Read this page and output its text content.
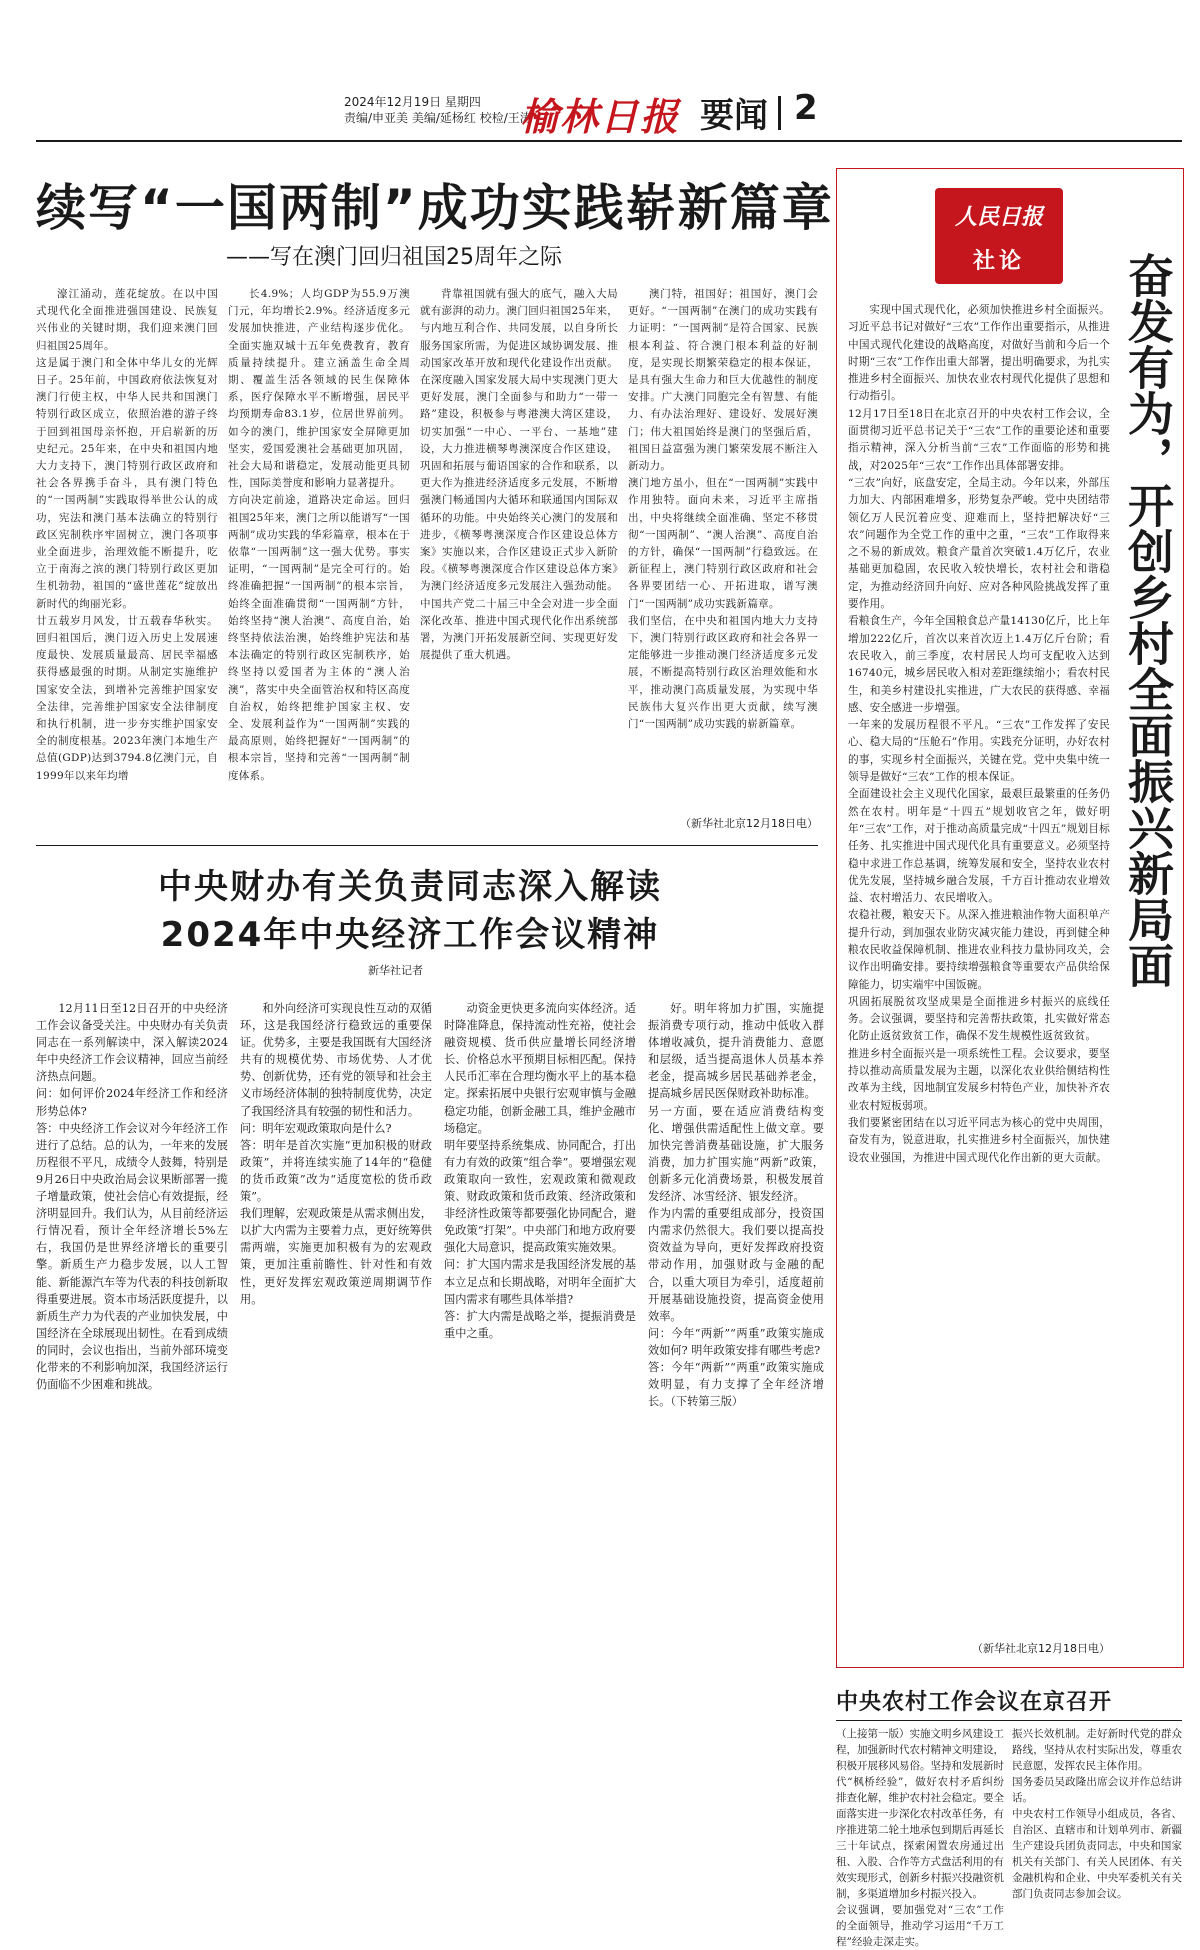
2024年12月19日 星期四
责编/申亚美 美编/延杨红 校检/王涛
榆林日报 要闻 2
续写“一国两制”成功实践崭新篇章
——写在澳门回归祖国25周年之际
濠江涌动，莲花绽放。在以中国式现代化全面推进强国建设、民族复兴伟业的关键时期，我们迎来澳门回归祖国25周年。
这是属于澳门和全体中华儿女的光辉日子。25年前，中国政府依法恢复对澳门行使主权，中华人民共和国澳门特别行政区成立，依照治港的游子终于回到祖国母亲怀抱，开启崭新的历史纪元。25年来，在中央和祖国内地大力支持下，澳门特别行政区政府和社会各界携手奋斗，具有澳门特色的“一国两制”实践取得举世公认的成功，宪法和澳门基本法确立的特别行政区宪制秩序牢固树立，澳门各项事业全面进步，治理效能不断提升，吃立于南海之滨的澳门特别行政区更加生机勃勃，祖国的“盛世莲花”绽放出新时代的绚丽光彩。
廿五载岁月风发，廿五载春华秋实。回归祖国后，澳门迈入历史上发展速度最快、发展质量最高、居民幸福感获得感最强的时期。从制定实施维护国家安全法，到增补完善维护国家安全法律，完善维护国家安全法律制度和执行机制，进一步夯实维护国家安全的制度根基。2023年澳门本地生产总值(GDP)达到3794.8亿澳门元，自1999年以来年均增
长4.9%；人均GDP为55.9万澳门元，年均增长2.9%。经济适度多元发展加快推进，产业结构逐步优化。全面实施双城十五年免费教育，教育质量持续提升。建立涵盖生命全周期、覆盖生活各领域的民生保障体系，医疗保障水平不断增强，居民平均预期寿命83.1岁，位居世界前列。如今的澳门，维护国家安全屏障更加坚实，爱国爱澳社会基础更加巩固，社会大局和谐稳定，发展动能更具韧性，国际美誉度和影响力显著提升。
方向决定前途，道路决定命运。回归祖国25年来，澳门之所以能谱写“一国两制”成功实践的华彩篇章，根本在于依靠“一国两制”这一强大优势。事实证明，“一国两制”是完全可行的。始终准确把握“一国两制”的根本宗旨，始终全面准确贯彻“一国两制”方针，始终坚持“澳人治澳”、高度自治，始终坚持依法治澳，始终维护宪法和基本法确定的特别行政区宪制秩序，始终坚持以爱国者为主体的“澳人治澳”，落实中央全面管治权和特区高度自治权，始终把维护国家主权、安全、发展利益作为“一国两制”实践的最高原则，始终把握好“一国两制”的根本宗旨，坚持和完善“一国两制”制度体系。
背靠祖国就有强大的底气，融入大局就有澎湃的动力。澳门回归祖国25年来，与内地互利合作、共同发展，以自身所长服务国家所需，为促进区域协调发展、推动国家改革开放和现代化建设作出贡献。在深度融入国家发展大局中实现澳门更大更好发展，澳门全面参与和助力“一带一路”建设，积极参与粤港澳大湾区建设，切实加强“一中心、一平台、一基地”建设，大力推进横琴粤澳深度合作区建设，巩固和拓展与葡语国家的合作和联系，以更大作为推进经济适度多元发展，不断增强澳门畅通国内大循环和联通国内国际双循环的功能。中央始终关心澳门的发展和进步，《横琴粤澳深度合作区建设总体方案》实施以来，合作区建设正式步入新阶段。《横琴粤澳深度合作区建设总体方案》为澳门经济适度多元发展注入强劲动能。中国共产党二十届三中全会对进一步全面深化改革、推进中国式现代化作出系统部署，为澳门开拓发展新空间、实现更好发展提供了重大机遇。
澳门特，祖国好；祖国好，澳门会更好。“一国两制”在澳门的成功实践有力证明：“一国两制”是符合国家、民族根本利益、符合澳门根本利益的好制度，是实现长期繁荣稳定的根本保证，是具有强大生命力和巨大优越性的制度安排。广大澳门同胞完全有智慧、有能力、有办法治理好、建设好、发展好澳门；伟大祖国始终是澳门的坚强后盾，祖国日益富强为澳门繁荣发展不断注入新动力。
澳门地方虽小，但在“一国两制”实践中作用独特。面向未来，习近平主席指出，中央将继续全面准确、坚定不移贯彻“一国两制”、“澳人治澳”、高度自治的方针，确保“一国两制”行稳致远。在新征程上，澳门特别行政区政府和社会各界要团结一心、开拓进取，谱写澳门“一国两制”成功实践新篇章。
我们坚信，在中央和祖国内地大力支持下，澳门特别行政区政府和社会各界一定能够进一步推动澳门经济适度多元发展，不断提高特别行政区治理效能和水平，推动澳门高质量发展，为实现中华民族伟大复兴作出更大贡献，续写澳门“一国两制”成功实践的崭新篇章。
（新华社北京12月18日电）
中央财办有关负责同志深入解读
2024年中央经济工作会议精神
新华社记者
12月11日至12日召开的中央经济工作会议备受关注。中央财办有关负责同志在一系列解读中，深入解读2024年中央经济工作会议精神，回应当前经济热点问题。
问：如何评价2024年经济工作和经济形势总体?
答：中央经济工作会议对今年经济工作进行了总结。总的认为，一年来的发展历程很不平凡，成绩令人鼓舞，特别是9月26日中央政治局会议果断部署一揽子增量政策，使社会信心有效提振，经济明显回升。我们认为，从目前经济运行情况看，预计全年经济增长5%左右，我国仍是世界经济增长的重要引擎。新质生产力稳步发展，以人工智能、新能源汽车等为代表的科技创新取得重要进展。资本市场活跃度提升，以新质生产力为代表的产业加快发展，中国经济在全球展现出韧性。在看到成绩的同时，会议也指出，当前外部环境变化带来的不利影响加深，我国经济运行仍面临不少困难和挑战。
和外向经济可实现良性互动的双循环，这是我国经济行稳致远的重要保证。优势多，主要是我国既有大国经济共有的规模优势、市场优势、人才优势、创新优势，还有党的领导和社会主义市场经济体制的独特制度优势，决定了我国经济具有较强的韧性和活力。
问：明年宏观政策取向是什么?
答：明年是首次实施“更加积极的财政政策”，并将连续实施了14年的“稳健的货币政策”改为“适度宽松的货币政策”。
我们理解，宏观政策是从需求侧出发，以扩大内需为主要着力点，更好统筹供需两端，实施更加积极有为的宏观政策，更加注重前瞻性、针对性和有效性，更好发挥宏观政策逆周期调节作用。
动资金更快更多流向实体经济。适时降准降息，保持流动性充裕，使社会融资规模、货币供应量增长同经济增长、价格总水平预期目标相匹配。保持人民币汇率在合理均衡水平上的基本稳定。探索拓展中央银行宏观审慎与金融稳定功能，创新金融工具，维护金融市场稳定。
明年要坚持系统集成、协同配合，打出有力有效的政策“组合拳”。要增强宏观政策取向一致性，宏观政策和微观政策、财政政策和货币政策、经济政策和非经济性政策等都要强化协同配合，避免政策“打架”。中央部门和地方政府要强化大局意识，提高政策实施效果。
问：扩大国内需求是我国经济发展的基本立足点和长期战略，对明年全面扩大国内需求有哪些具体举措?
答：扩大内需是战略之举，提振消费是重中之重。
好。明年将加力扩围，实施提振消费专项行动，推动中低收入群体增收减负，提升消费能力、意愿和层级，适当提高退休人员基本养老金，提高城乡居民基础养老金，提高城乡居民医保财政补助标准。
另一方面，要在适应消费结构变化、增强供需适配性上做文章。要加快完善消费基础设施，扩大服务消费，加力扩围实施“两新”政策，创新多元化消费场景，积极发展首发经济、冰雪经济、银发经济。
作为内需的重要组成部分，投资国内需求仍然很大。我们要以提高投资效益为导向，更好发挥政府投资带动作用，加强财政与金融的配合，以重大项目为牵引，适度超前开展基础设施投资，提高资金使用效率。
问：今年“两新”“两重”政策实施成效如何? 明年政策安排有哪些考虑?
答：今年“两新”“两重”政策实施成效明显，有力支撑了全年经济增长。（下转第三版）
人民日报
社论	奋发有为，开创乡村全面振兴新局面
实现中国式现代化，必须加快推进乡村全面振兴。习近平总书记对做好“三农”工作作出重要指示，从推进中国式现代化建设的战略高度，对做好当前和今后一个时期“三农”工作作出重大部署，提出明确要求，为扎实推进乡村全面振兴、加快农业农村现代化提供了思想和行动指引。
12月17日至18日在北京召开的中央农村工作会议，全面贯彻习近平总书记关于“三农”工作的重要论述和重要指示精神，深入分析当前“三农”工作面临的形势和挑战，对2025年“三农”工作作出具体部署安排。
“三农”向好，底盘安定，全局主动。今年以来，外部压力加大、内部困难增多，形势复杂严峻。党中央团结带领亿万人民沉着应变、迎难而上，坚持把解决好“三农”问题作为全党工作的重中之重，“三农”工作取得来之不易的新成效。粮食产量首次突破1.4万亿斤，农业基础更加稳固，农民收入较快增长，农村社会和谐稳定，为推动经济回升向好、应对各种风险挑战发挥了重要作用。
看粮食生产，今年全国粮食总产量14130亿斤，比上年增加222亿斤，首次以来首次迈上1.4万亿斤台阶；看农民收入，前三季度，农村居民人均可支配收入达到16740元，城乡居民收入相对差距继续缩小；看农村民生，和美乡村建设扎实推进，广大农民的获得感、幸福感、安全感进一步增强。
一年来的发展历程很不平凡。“三农”工作发挥了安民心、稳大局的“压舱石”作用。实践充分证明，办好农村的事，实现乡村全面振兴，关键在党。党中央集中统一领导是做好“三农”工作的根本保证。
全面建设社会主义现代化国家，最艰巨最繁重的任务仍然在农村。明年是“十四五”规划收官之年，做好明年“三农”工作，对于推动高质量完成“十四五”规划目标任务、扎实推进中国式现代化具有重要意义。必须坚持稳中求进工作总基调，统筹发展和安全，坚持农业农村优先发展，坚持城乡融合发展，千方百计推动农业增效益、农村增活力、农民增收入。
农稳社稷，粮安天下。从深入推进粮油作物大面积单产提升行动，到加强农业防灾减灾能力建设，再到健全种粮农民收益保障机制、推进农业科技力量协同攻关，会议作出明确安排。要持续增强粮食等重要农产品供给保障能力，切实端牢中国饭碗。
巩固拓展脱贫攻坚成果是全面推进乡村振兴的底线任务。会议强调，要坚持和完善帮扶政策，扎实做好常态化防止返贫致贫工作，确保不发生规模性返贫致贫。
推进乡村全面振兴是一项系统性工程。会议要求，要坚持以推动高质量发展为主题，以深化农业供给侧结构性改革为主线，因地制宜发展乡村特色产业，加快补齐农业农村短板弱项。
我们要紧密团结在以习近平同志为核心的党中央周围，奋发有为，锐意进取，扎实推进乡村全面振兴，加快建设农业强国，为推进中国式现代化作出新的更大贡献。
（新华社北京12月18日电）
中央农村工作会议在京召开
（上接第一版）实施文明乡风建设工程，加强新时代农村精神文明建设，积极开展移风易俗。坚持和发展新时代“枫桥经验”，做好农村矛盾纠纷排查化解，维护农村社会稳定。要全面落实进一步深化农村改革任务，有序推进第二轮土地承包到期后再延长三十年试点，探索闲置农房通过出租、入股、合作等方式盘活利用的有效实现形式，创新乡村振兴投融资机制，多渠道增加乡村振兴投入。
会议强调，要加强党对“三农”工作的全面领导，推动学习运用“千万工程”经验走深走实。
振兴长效机制。走好新时代党的群众路线，坚持从农村实际出发，尊重农民意愿，发挥农民主体作用。
国务委员吴政隆出席会议并作总结讲话。
中央农村工作领导小组成员，各省、自治区、直辖市和计划单列市、新疆生产建设兵团负责同志，中央和国家机关有关部门、有关人民团体、有关金融机构和企业、中央军委机关有关部门负责同志参加会议。
